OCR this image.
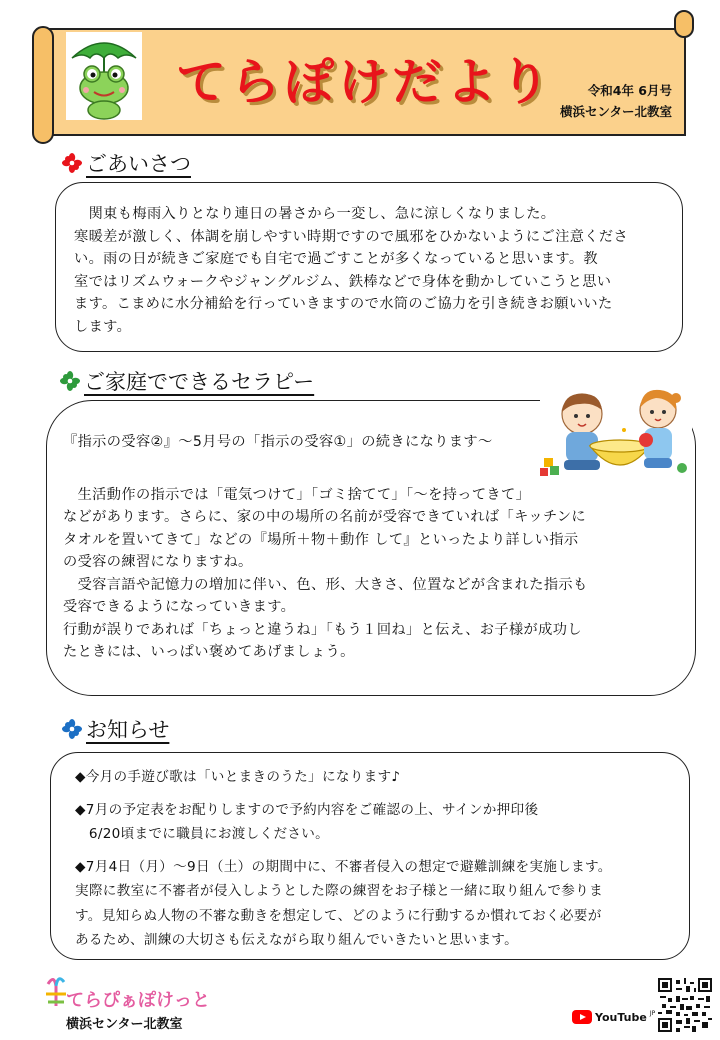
てらぽけだより	令和4年 6月号
横浜センター北教室
ごあいさつ
　関東も梅雨入りとなり連日の暑さから一変し、急に涼しくなりました。
寒暖差が激しく、体調を崩しやすい時期ですので風邪をひかないようにご注意くださ
い。雨の日が続きご家庭でも自宅で過ごすことが多くなっていると思います。教
室ではリズムウォークやジャングルジム、鉄棒などで身体を動かしていこうと思い
ます。こまめに水分補給を行っていきますので水筒のご協力を引き続きお願いいた
します。
ご家庭でできるセラピー
『指示の受容②』～5月号の「指示の受容①」の続きになります～
　生活動作の指示では「電気つけて」「ゴミ捨てて」「～を持ってきて」
などがあります。さらに、家の中の場所の名前が受容できていれば「キッチンに
タオルを置いてきて」などの『場所＋物＋動作 して』といったより詳しい指示
の受容の練習になりますね。
　受容言語や記憶力の増加に伴い、色、形、大きさ、位置などが含まれた指示も
受容できるようになっていきます。
行動が誤りであれば「ちょっと違うね」「もう１回ね」と伝え、お子様が成功し
たときには、いっぱい褒めてあげましょう。
お知らせ
◆今月の手遊び歌は「いとまきのうた」になります♪
◆7月の予定表をお配りしますので予約内容をご確認の上、サインか押印後
　6/20頃までに職員にお渡しください。
◆7月4日（月）～9日（土）の期間中に、不審者侵入の想定で避難訓練を実施します。
実際に教室に不審者が侵入しようとした際の練習をお子様と一緒に取り組んで参りま
す。見知らぬ人物の不審な動きを想定して、どのように行動するか慣れておく必要が
あるため、訓練の大切さも伝えながら取り組んでいきたいと思います。
てらぴぁぽけっと
横浜センター北教室	YouTube JP
